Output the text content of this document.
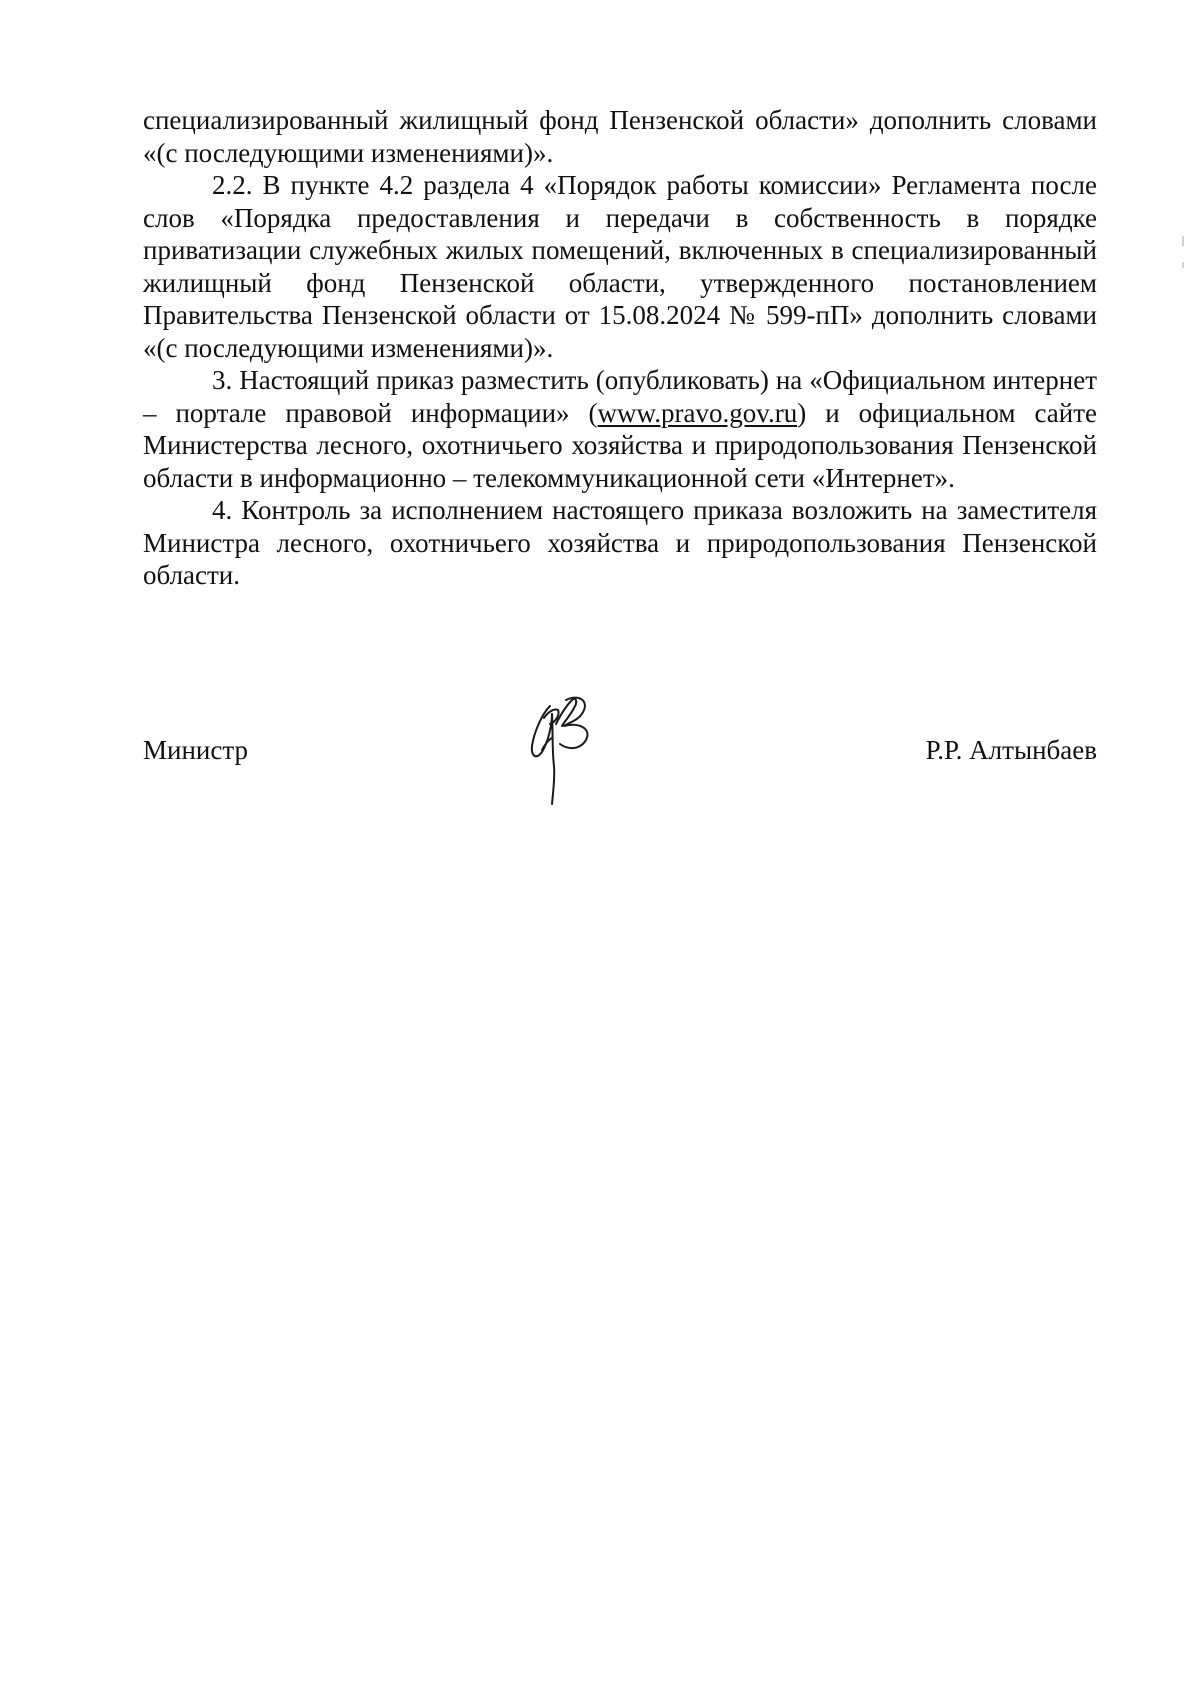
специализированный жилищный фонд Пензенской области» дополнить словами «(с последующими изменениями)».

2.2. В пункте 4.2 раздела 4 «Порядок работы комиссии» Регламента после слов «Порядка предоставления и передачи в собственность в порядке приватизации служебных жилых помещений, включенных в специализированный жилищный фонд Пензенской области, утвержденного постановлением Правительства Пензенской области от 15.08.2024 № 599-пП» дополнить словами «(с последующими изменениями)».

3. Настоящий приказ разместить (опубликовать) на «Официальном интернет – портале правовой информации» (www.pravo.gov.ru) и официальном сайте Министерства лесного, охотничьего хозяйства и природопользования Пензенской области в информационно – телекоммуникационной сети «Интернет».

4. Контроль за исполнением настоящего приказа возложить на заместителя Министра лесного, охотничьего хозяйства и природопользования Пензенской области.

Министр	Р.Р. Алтынбаев
